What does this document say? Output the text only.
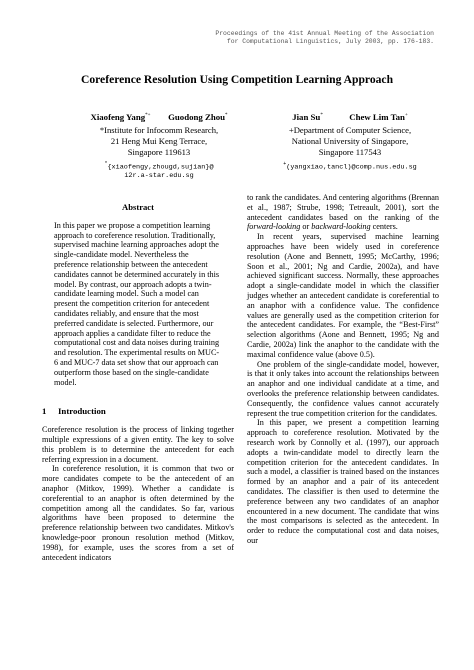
Proceedings of the 41st Annual Meeting of the Association
for Computational Linguistics, July 2003, pp. 176-183.
Coreference Resolution Using Competition Learning Approach
Xiaofeng Yang*+ Guodong Zhou*
*Institute for Infocomm Research,
21 Heng Mui Keng Terrace,
Singapore 119613
*{xiaofengy,zhougd,sujian}@
i2r.a-star.edu.sg
Jian Su*	Chew Lim Tan+
+Department of Computer Science,
National University of Singapore,
Singapore 117543
+(yangxiao,tancl)@comp.nus.edu.sg
Abstract

In this paper we propose a competition learning approach to coreference resolution. Traditionally, supervised machine learning approaches adopt the single-candidate model. Nevertheless the preference relationship between the antecedent candidates cannot be determined accurately in this model. By contrast, our approach adopts a twin-candidate learning model. Such a model can present the competition criterion for antecedent candidates reliably, and ensure that the most preferred candidate is selected. Furthermore, our approach applies a candidate filter to reduce the computational cost and data noises during training and resolution. The experimental results on MUC-6 and MUC-7 data set show that our approach can outperform those based on the single-candidate model.

1 Introduction

Coreference resolution is the process of linking together multiple expressions of a given entity. The key to solve this problem is to determine the antecedent for each referring expression in a document.

In coreference resolution, it is common that two or more candidates compete to be the antecedent of an anaphor (Mitkov, 1999). Whether a candidate is coreferential to an anaphor is often determined by the competition among all the candidates. So far, various algorithms have been proposed to determine the preference relationship between two candidates. Mitkov's knowledge-poor pronoun resolution method (Mitkov, 1998), for example, uses the scores from a set of antecedent indicators

to rank the candidates. And centering algorithms (Brennan et al., 1987; Strube, 1998; Tetreault, 2001), sort the antecedent candidates based on the ranking of the forward-looking or backward-looking centers.

In recent years, supervised machine learning approaches have been widely used in coreference resolution (Aone and Bennett, 1995; McCarthy, 1996; Soon et al., 2001; Ng and Cardie, 2002a), and have achieved significant success. Normally, these approaches adopt a single-candidate model in which the classifier judges whether an antecedent candidate is coreferential to an anaphor with a confidence value. The confidence values are generally used as the competition criterion for the antecedent candidates. For example, the “Best-First” selection algorithms (Aone and Bennett, 1995; Ng and Cardie, 2002a) link the anaphor to the candidate with the maximal confidence value (above 0.5).

One problem of the single-candidate model, however, is that it only takes into account the relationships between an anaphor and one individual candidate at a time, and overlooks the preference relationship between candidates. Consequently, the confidence values cannot accurately represent the true competition criterion for the candidates.

In this paper, we present a competition learning approach to coreference resolution. Motivated by the research work by Connolly et al. (1997), our approach adopts a twin-candidate model to directly learn the competition criterion for the antecedent candidates. In such a model, a classifier is trained based on the instances formed by an anaphor and a pair of its antecedent candidates. The classifier is then used to determine the preference between any two candidates of an anaphor encountered in a new document. The candidate that wins the most comparisons is selected as the antecedent. In order to reduce the computational cost and data noises, our
